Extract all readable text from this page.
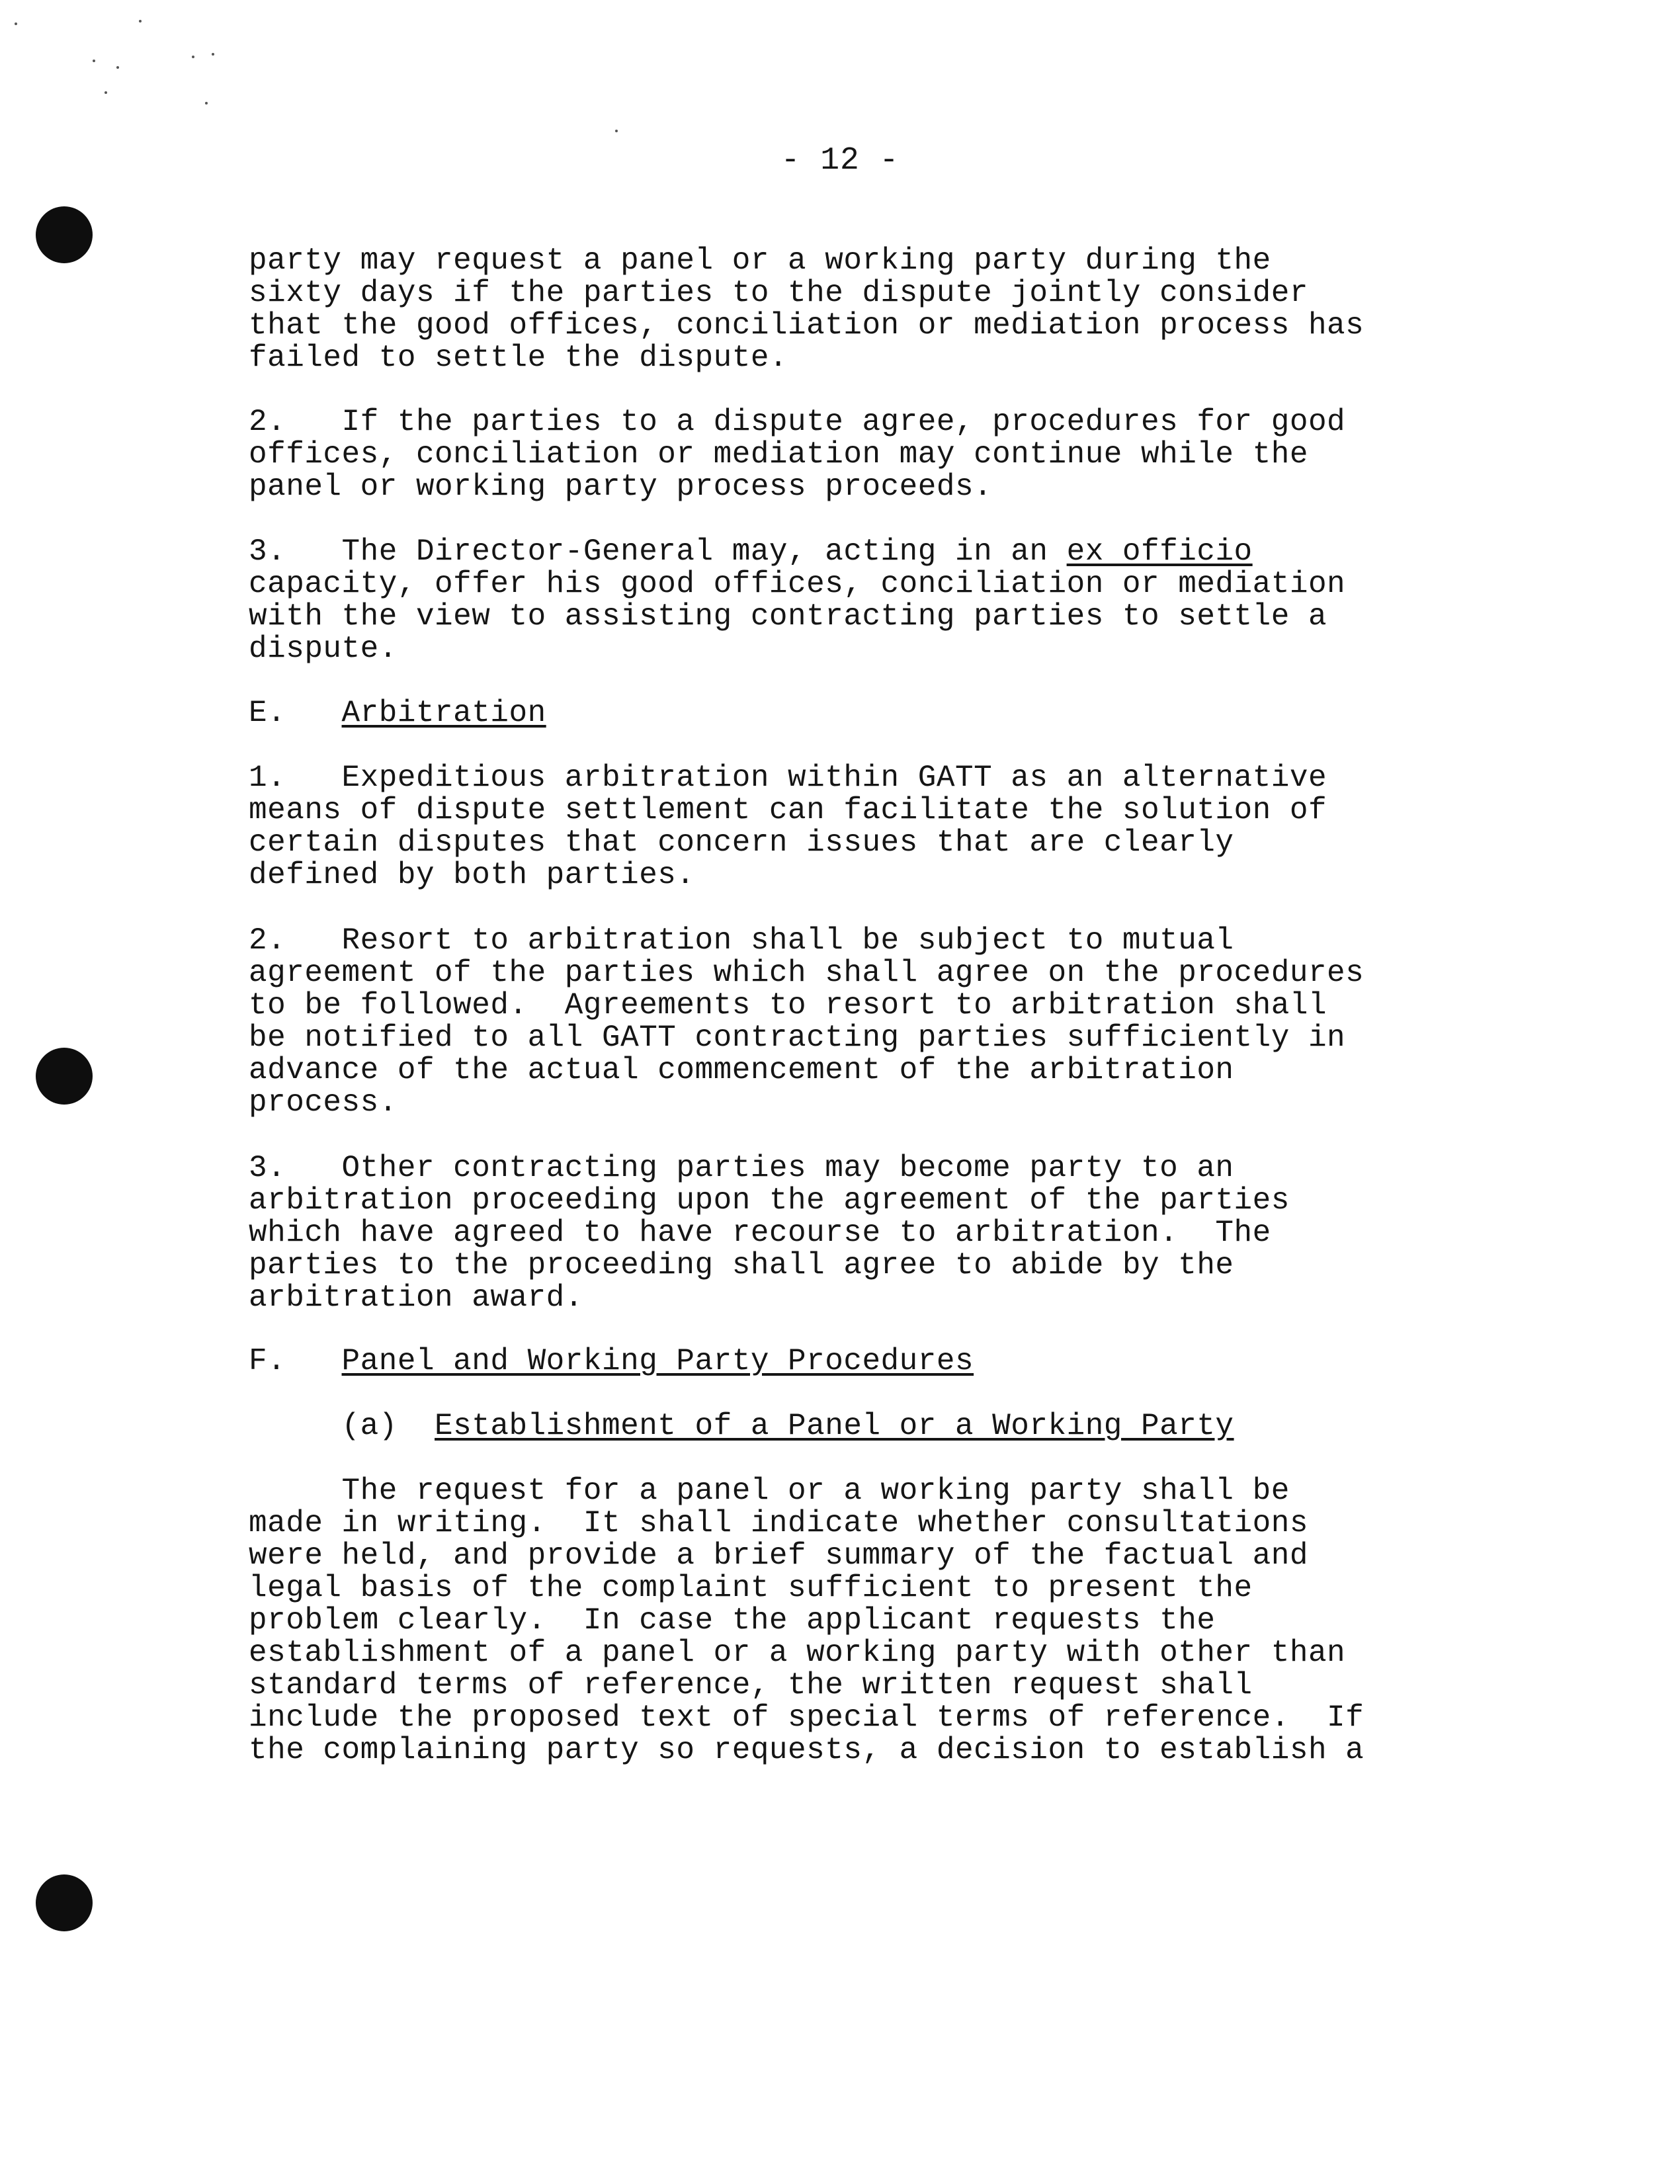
- 12 -
party may request a panel or a working party during the
sixty days if the parties to the dispute jointly consider
that the good offices, conciliation or mediation process has
failed to settle the dispute.
2.   If the parties to a dispute agree, procedures for good
offices, conciliation or mediation may continue while the
panel or working party process proceeds.
3.   The Director-General may, acting in an ex officio
capacity, offer his good offices, conciliation or mediation
with the view to assisting contracting parties to settle a
dispute.
E.   Arbitration
1.   Expeditious arbitration within GATT as an alternative
means of dispute settlement can facilitate the solution of
certain disputes that concern issues that are clearly
defined by both parties.
2.   Resort to arbitration shall be subject to mutual
agreement of the parties which shall agree on the procedures
to be followed.  Agreements to resort to arbitration shall
be notified to all GATT contracting parties sufficiently in
advance of the actual commencement of the arbitration
process.
3.   Other contracting parties may become party to an
arbitration proceeding upon the agreement of the parties
which have agreed to have recourse to arbitration.  The
parties to the proceeding shall agree to abide by the
arbitration award.
F.   Panel and Working Party Procedures
(a)  Establishment of a Panel or a Working Party
The request for a panel or a working party shall be
made in writing.  It shall indicate whether consultations
were held, and provide a brief summary of the factual and
legal basis of the complaint sufficient to present the
problem clearly.  In case the applicant requests the
establishment of a panel or a working party with other than
standard terms of reference, the written request shall
include the proposed text of special terms of reference.  If
the complaining party so requests, a decision to establish a
